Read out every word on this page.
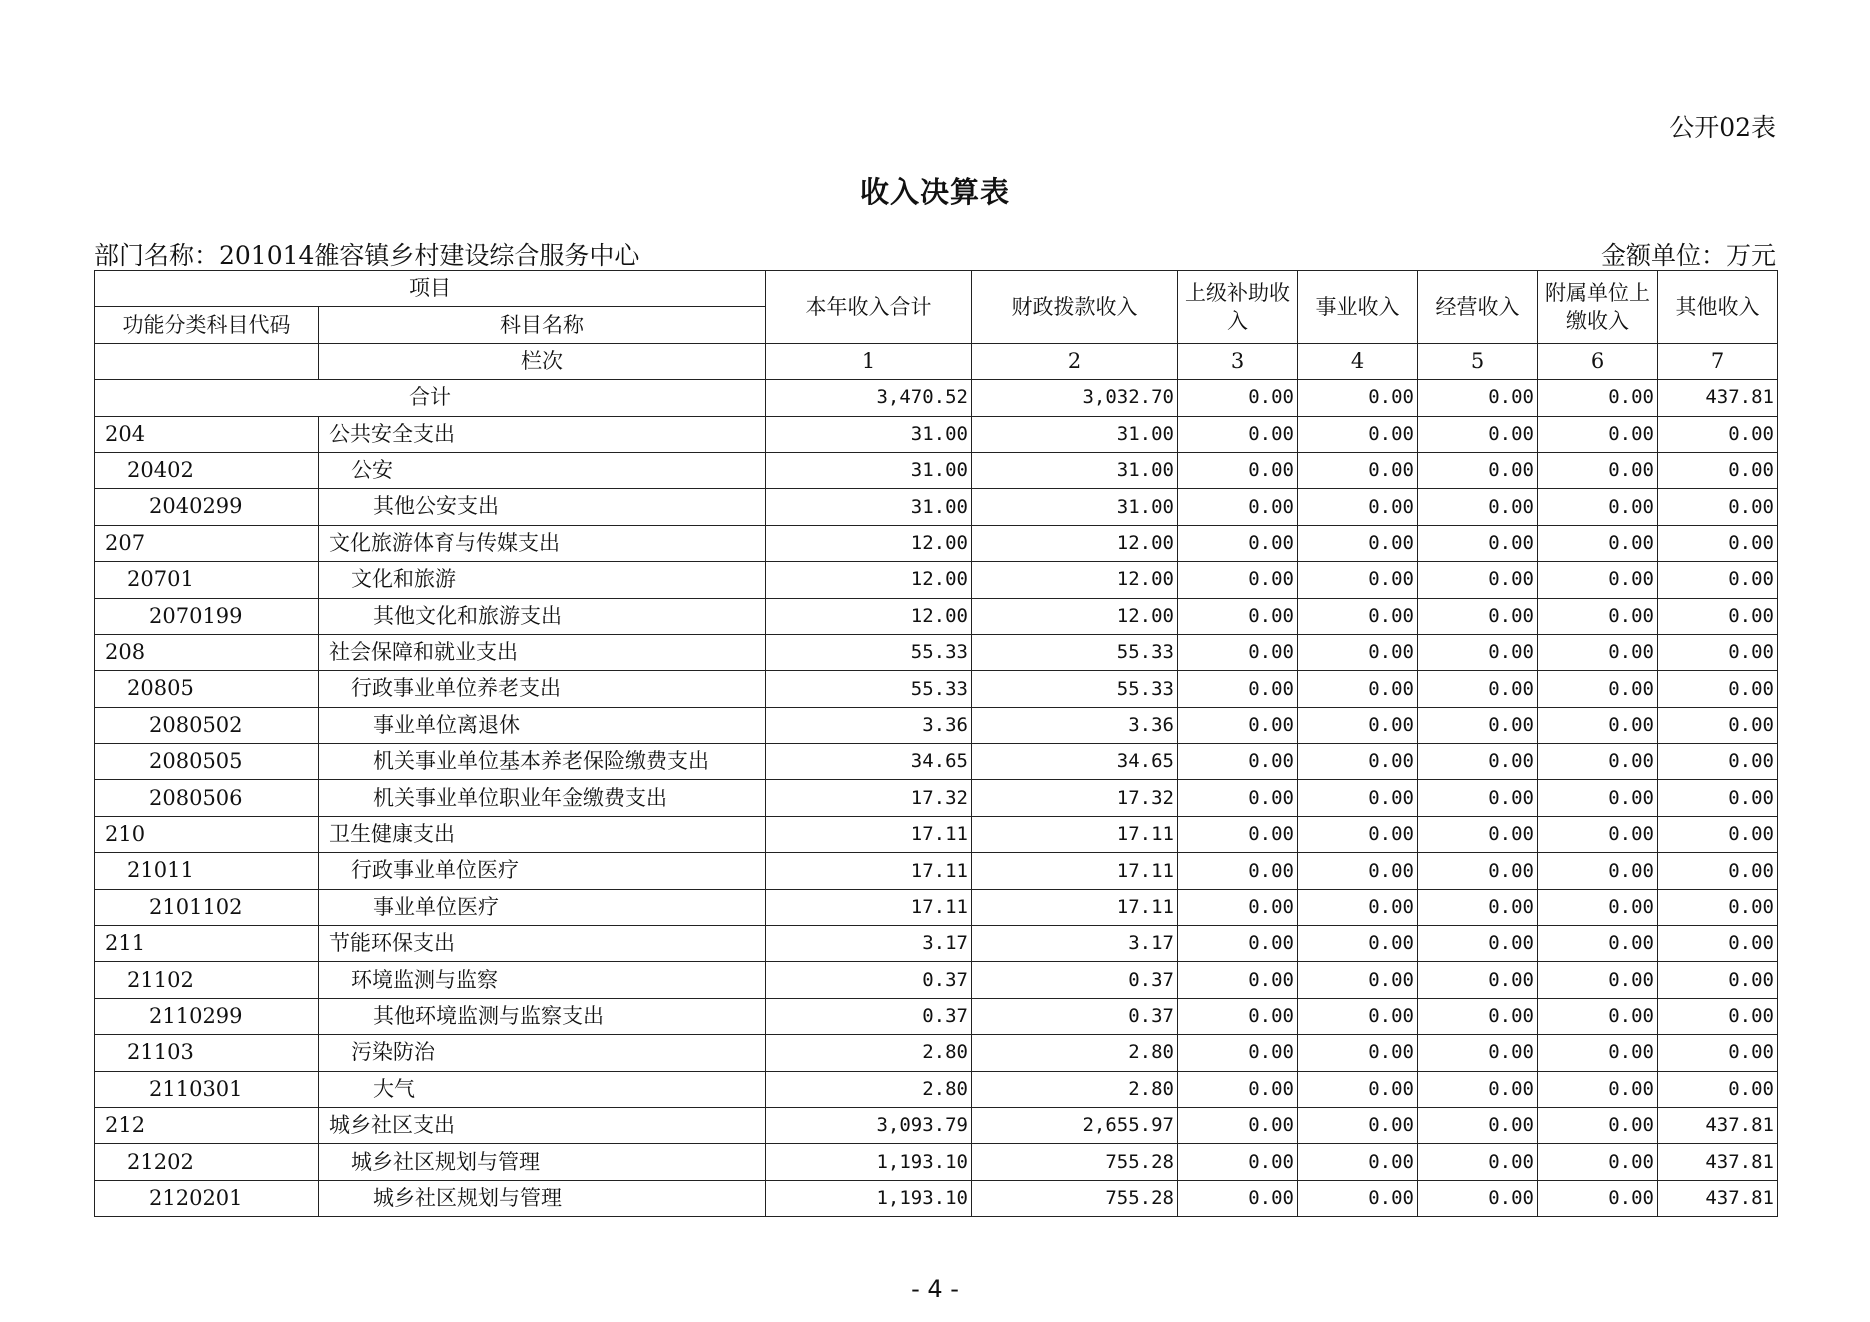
公开02表
收入决算表
部门名称：201014雒容镇乡村建设综合服务中心	金额单位：万元
项目		本年收入合计	财政拨款收入	上级补助收入	事业收入	经营收入	附属单位上缴收入	其他收入
功能分类科目代码	科目名称							
	栏次	1	2	3	4	5	6	7
合计		3,470.52	3,032.70	0.00	0.00	0.00	0.00	437.81
204	公共安全支出	31.00	31.00	0.00	0.00	0.00	0.00	0.00
20402	公安	31.00	31.00	0.00	0.00	0.00	0.00	0.00
2040299	其他公安支出	31.00	31.00	0.00	0.00	0.00	0.00	0.00
207	文化旅游体育与传媒支出	12.00	12.00	0.00	0.00	0.00	0.00	0.00
20701	文化和旅游	12.00	12.00	0.00	0.00	0.00	0.00	0.00
2070199	其他文化和旅游支出	12.00	12.00	0.00	0.00	0.00	0.00	0.00
208	社会保障和就业支出	55.33	55.33	0.00	0.00	0.00	0.00	0.00
20805	行政事业单位养老支出	55.33	55.33	0.00	0.00	0.00	0.00	0.00
2080502	事业单位离退休	3.36	3.36	0.00	0.00	0.00	0.00	0.00
2080505	机关事业单位基本养老保险缴费支出	34.65	34.65	0.00	0.00	0.00	0.00	0.00
2080506	机关事业单位职业年金缴费支出	17.32	17.32	0.00	0.00	0.00	0.00	0.00
210	卫生健康支出	17.11	17.11	0.00	0.00	0.00	0.00	0.00
21011	行政事业单位医疗	17.11	17.11	0.00	0.00	0.00	0.00	0.00
2101102	事业单位医疗	17.11	17.11	0.00	0.00	0.00	0.00	0.00
211	节能环保支出	3.17	3.17	0.00	0.00	0.00	0.00	0.00
21102	环境监测与监察	0.37	0.37	0.00	0.00	0.00	0.00	0.00
2110299	其他环境监测与监察支出	0.37	0.37	0.00	0.00	0.00	0.00	0.00
21103	污染防治	2.80	2.80	0.00	0.00	0.00	0.00	0.00
2110301	大气	2.80	2.80	0.00	0.00	0.00	0.00	0.00
212	城乡社区支出	3,093.79	2,655.97	0.00	0.00	0.00	0.00	437.81
21202	城乡社区规划与管理	1,193.10	755.28	0.00	0.00	0.00	0.00	437.81
2120201	城乡社区规划与管理	1,193.10	755.28	0.00	0.00	0.00	0.00	437.81
- 4 -
